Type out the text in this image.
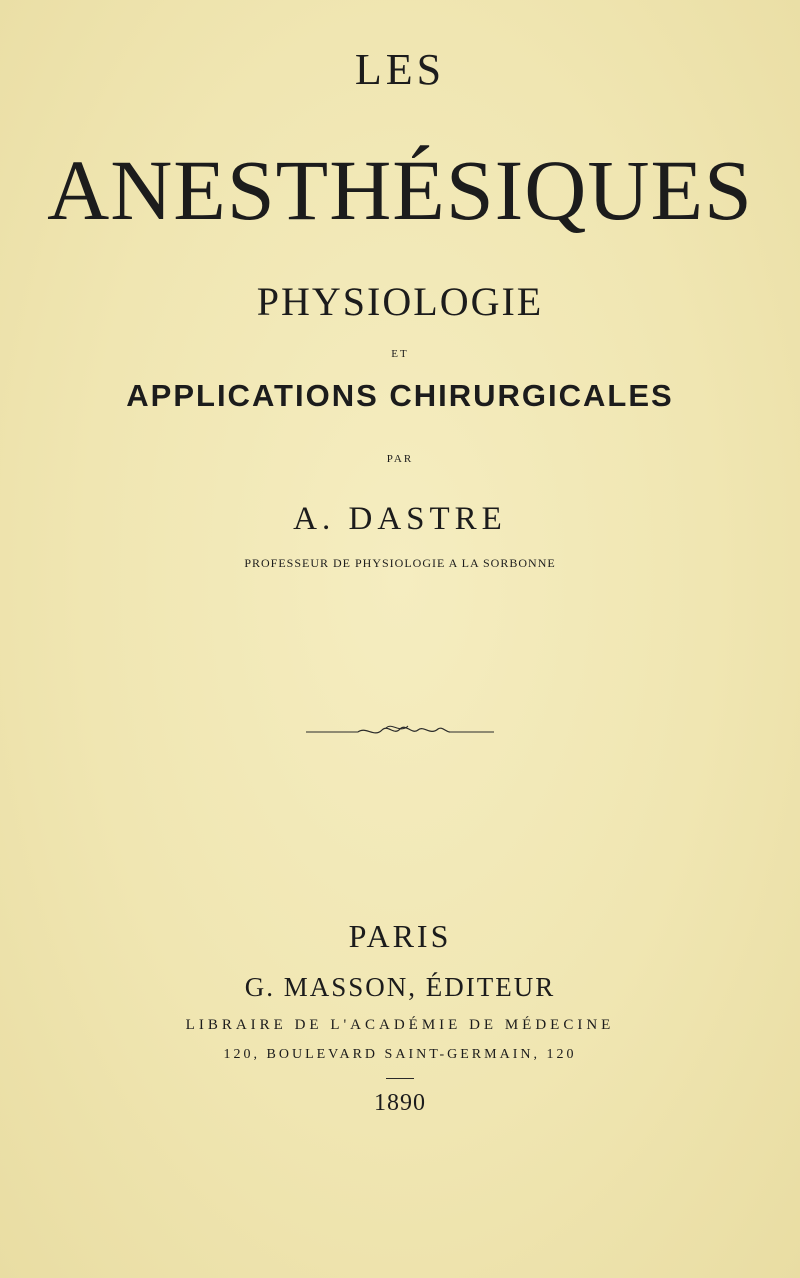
LES

ANESTHÉSIQUES

PHYSIOLOGIE

ET

APPLICATIONS CHIRURGICALES

PAR

A. DASTRE

PROFESSEUR DE PHYSIOLOGIE A LA SORBONNE

PARIS

G. MASSON, ÉDITEUR

LIBRAIRE DE L'ACADÉMIE DE MÉDECINE

120, BOULEVARD SAINT-GERMAIN, 120

1890
